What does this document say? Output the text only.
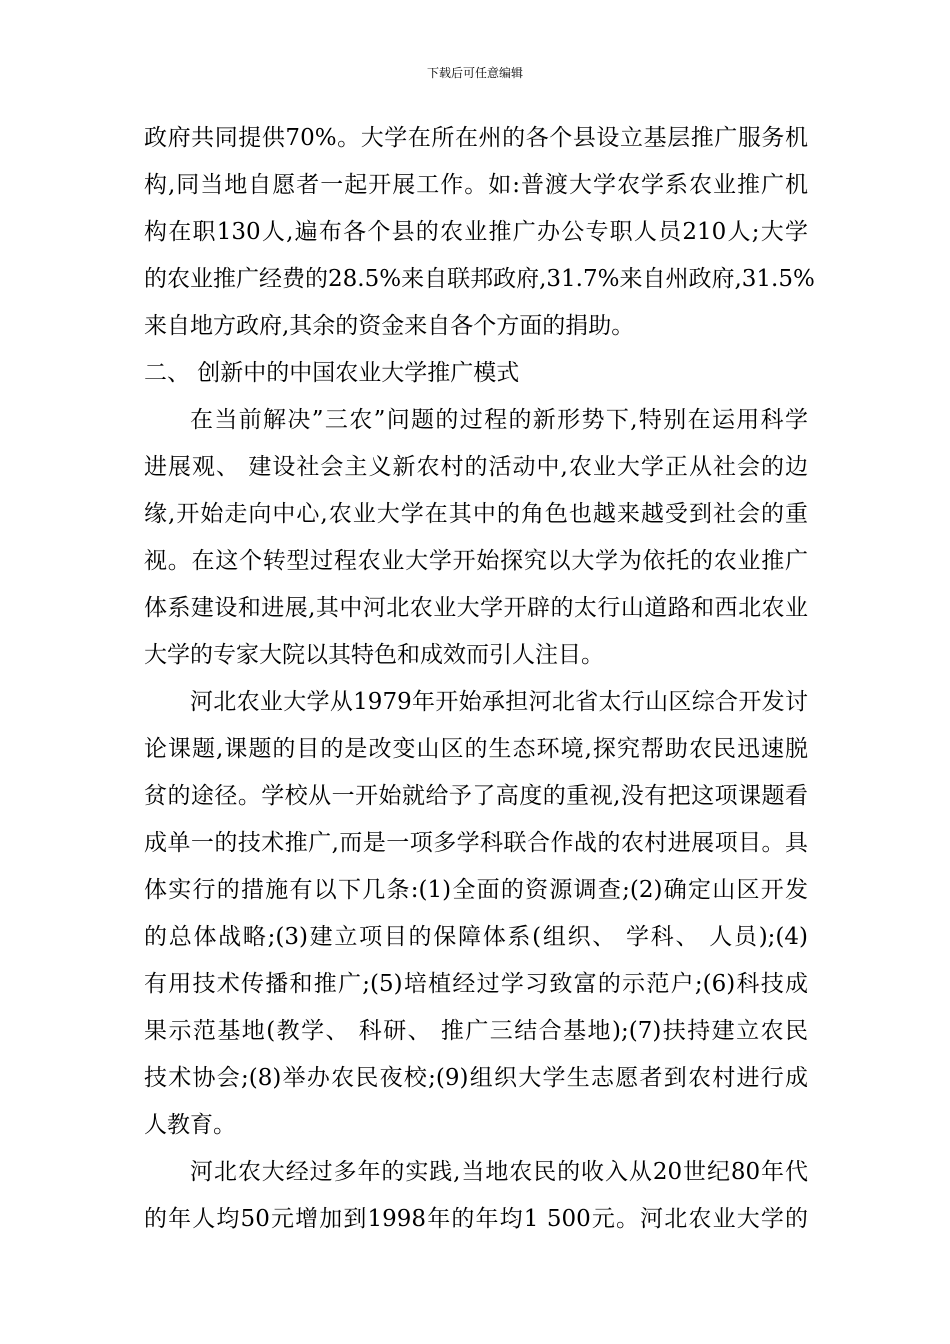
下载后可任意编辑
政府共同提供70%。大学在所在州的各个县设立基层推广服务机
构,同当地自愿者一起开展工作。如:普渡大学农学系农业推广机
构在职130人,遍布各个县的农业推广办公专职人员210人;大学
的农业推广经费的28.5%来自联邦政府,31.7%来自州政府,31.5%
来自地方政府,其余的资金来自各个方面的捐助。
二、 创新中的中国农业大学推广模式
在当前解决”三农”问题的过程的新形势下,特别在运用科学
进展观、 建设社会主义新农村的活动中,农业大学正从社会的边
缘,开始走向中心,农业大学在其中的角色也越来越受到社会的重
视。在这个转型过程农业大学开始探究以大学为依托的农业推广
体系建设和进展,其中河北农业大学开辟的太行山道路和西北农业
大学的专家大院以其特色和成效而引人注目。
河北农业大学从1979年开始承担河北省太行山区综合开发讨
论课题,课题的目的是改变山区的生态环境,探究帮助农民迅速脱
贫的途径。学校从一开始就给予了高度的重视,没有把这项课题看
成单一的技术推广,而是一项多学科联合作战的农村进展项目。具
体实行的措施有以下几条:(1)全面的资源调查;(2)确定山区开发
的总体战略;(3)建立项目的保障体系(组织、 学科、 人员);(4)
有用技术传播和推广;(5)培植经过学习致富的示范户;(6)科技成
果示范基地(教学、 科研、 推广三结合基地);(7)扶持建立农民
技术协会;(8)举办农民夜校;(9)组织大学生志愿者到农村进行成
人教育。
河北农大经过多年的实践,当地农民的收入从20世纪80年代
的年人均50元增加到1998年的年均1 500元。河北农业大学的
